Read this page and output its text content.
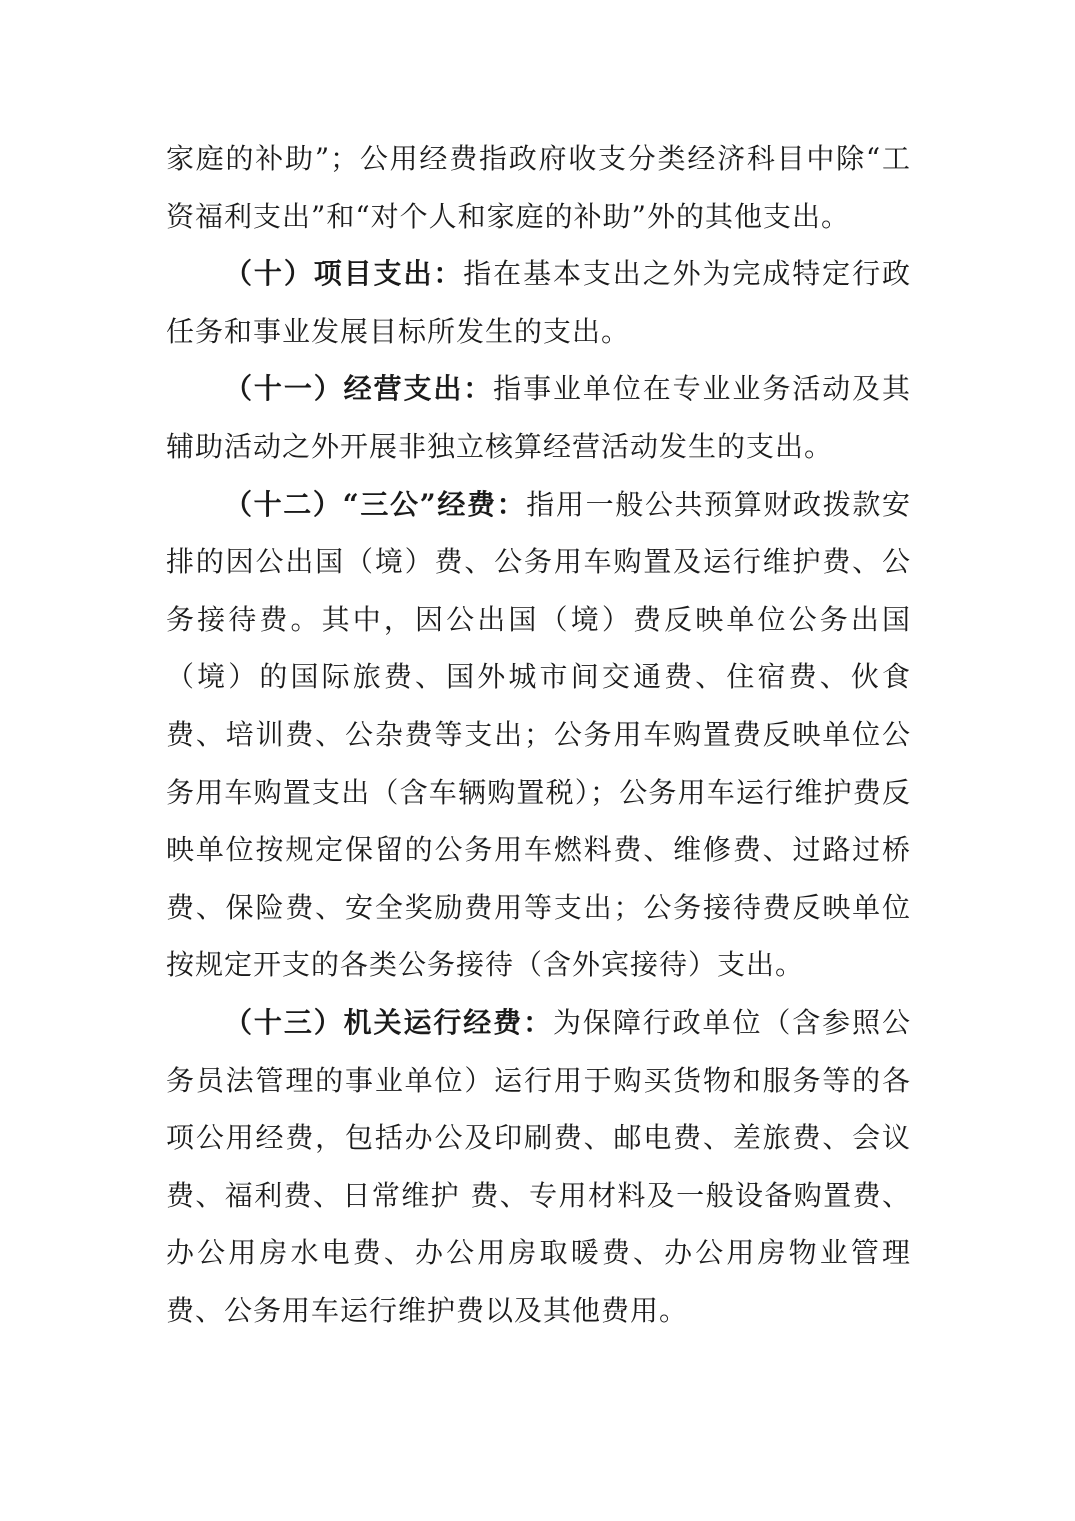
家庭的补助”；公用经费指政府收支分类经济科目中除“工资福利支出”和“对个人和家庭的补助”外的其他支出。

（十）项目支出：指在基本支出之外为完成特定行政任务和事业发展目标所发生的支出。

（十一）经营支出：指事业单位在专业业务活动及其辅助活动之外开展非独立核算经营活动发生的支出。

（十二）“三公”经费：指用一般公共预算财政拨款安排的因公出国（境）费、公务用车购置及运行维护费、公务接待费。其中，因公出国（境）费反映单位公务出国（境）的国际旅费、国外城市间交通费、住宿费、伙食费、培训费、公杂费等支出；公务用车购置费反映单位公务用车购置支出（含车辆购置税）；公务用车运行维护费反映单位按规定保留的公务用车燃料费、维修费、过路过桥费、保险费、安全奖励费用等支出；公务接待费反映单位按规定开支的各类公务接待（含外宾接待）支出。

（十三）机关运行经费：为保障行政单位（含参照公务员法管理的事业单位）运行用于购买货物和服务等的各项公用经费，包括办公及印刷费、邮电费、差旅费、会议费、福利费、日常维护 费、专用材料及一般设备购置费、办公用房水电费、办公用房取暖费、办公用房物业管理费、公务用车运行维护费以及其他费用。
